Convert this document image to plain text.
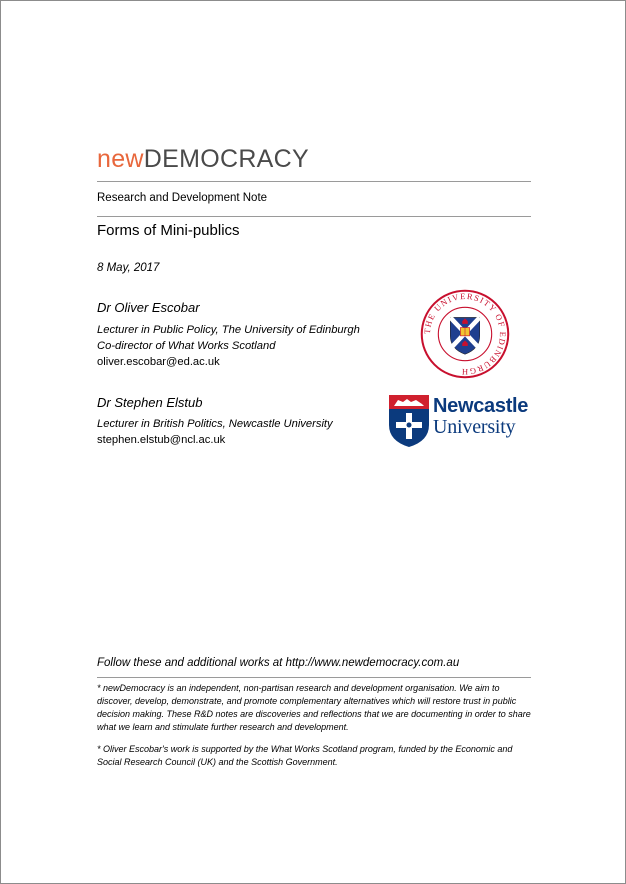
newDEMOCRACY
Research and Development Note
Forms of Mini-publics
8 May, 2017
Dr Oliver Escobar
Lecturer in Public Policy, The University of Edinburgh
Co-director of What Works Scotland
oliver.escobar@ed.ac.uk
Dr Stephen Elstub
Lecturer in British Politics, Newcastle University
stephen.elstub@ncl.ac.uk
THE UNIVERSITY OF EDINBURGH
Newcastle
University
Follow these and additional works at http://www.newdemocracy.com.au
* newDemocracy is an independent, non-partisan research and development organisation. We aim to discover, develop, demonstrate, and promote complementary alternatives which will restore trust in public decision making. These R&D notes are discoveries and reflections that we are documenting in order to share what we learn and stimulate further research and development.
* Oliver Escobar's work is supported by the What Works Scotland program, funded by the Economic and Social Research Council (UK) and the Scottish Government.
